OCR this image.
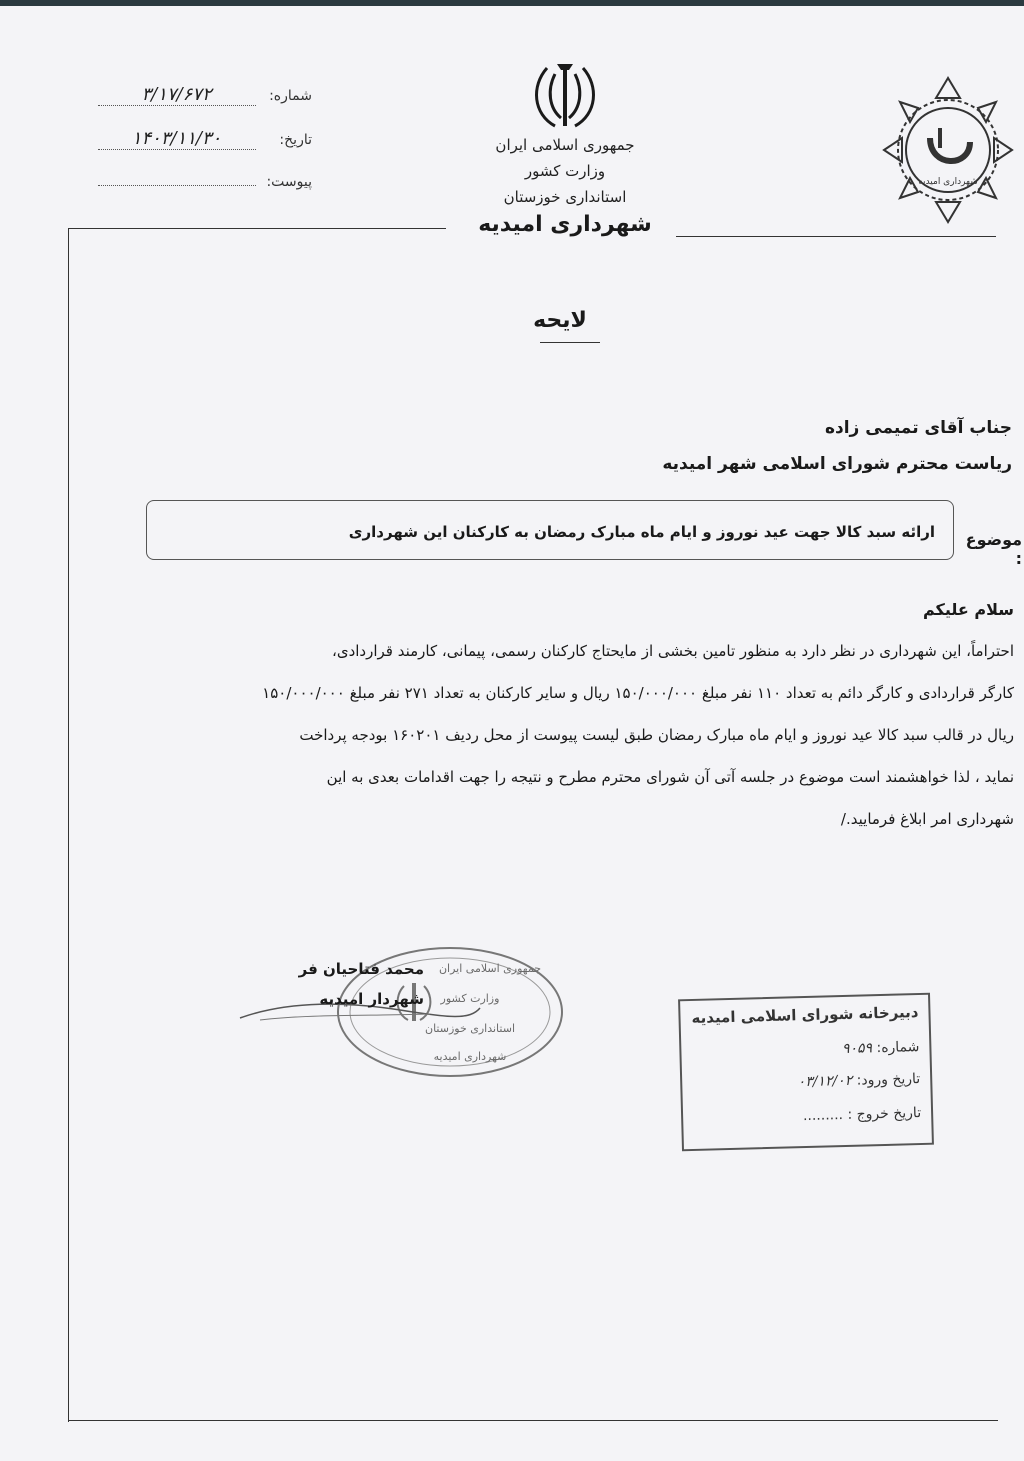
شماره: ۳/۱۷/۶۷۲
تاریخ: ۱۴۰۳/۱۱/۳۰
پیوست:
جمهوری اسلامی ایران
وزارت کشور
استانداری خوزستان
شهرداری امیدیه
شهرداری امیدیه
لایحه
جناب آقای تمیمی زاده
ریاست محترم شورای اسلامی شهر امیدیه
موضوع :
ارائه سبد کالا جهت عید نوروز و ایام ماه مبارک رمضان به کارکنان این شهرداری
سلام علیکم
احتراماً، این شهرداری در نظر دارد به منظور تامین بخشی از مایحتاج کارکنان رسمی، پیمانی، کارمند قراردادی،
کارگر قراردادی و کارگر دائم به تعداد ۱۱۰ نفر مبلغ ۱۵۰/۰۰۰/۰۰۰ ریال و سایر کارکنان به تعداد ۲۷۱ نفر مبلغ ۱۵۰/۰۰۰/۰۰۰
ریال در قالب سبد کالا عید نوروز و ایام ماه مبارک رمضان طبق لیست پیوست از محل ردیف ۱۶۰۲۰۱ بودجه پرداخت
نماید ، لذا خواهشمند است موضوع در جلسه آتی آن شورای محترم مطرح و نتیجه را جهت اقدامات بعدی به این
شهرداری امر ابلاغ فرمایید./
جمهوری اسلامی ایران
وزارت کشور
استانداری خوزستان
شهرداری امیدیه
محمد فتاحیان فر
شهردار امیدیه
دبیرخانه شورای اسلامی امیدیه
شماره: ۹۰۵۹
تاریخ ورود: ۰۳/۱۲/۰۲
تاریخ خروج : .........
